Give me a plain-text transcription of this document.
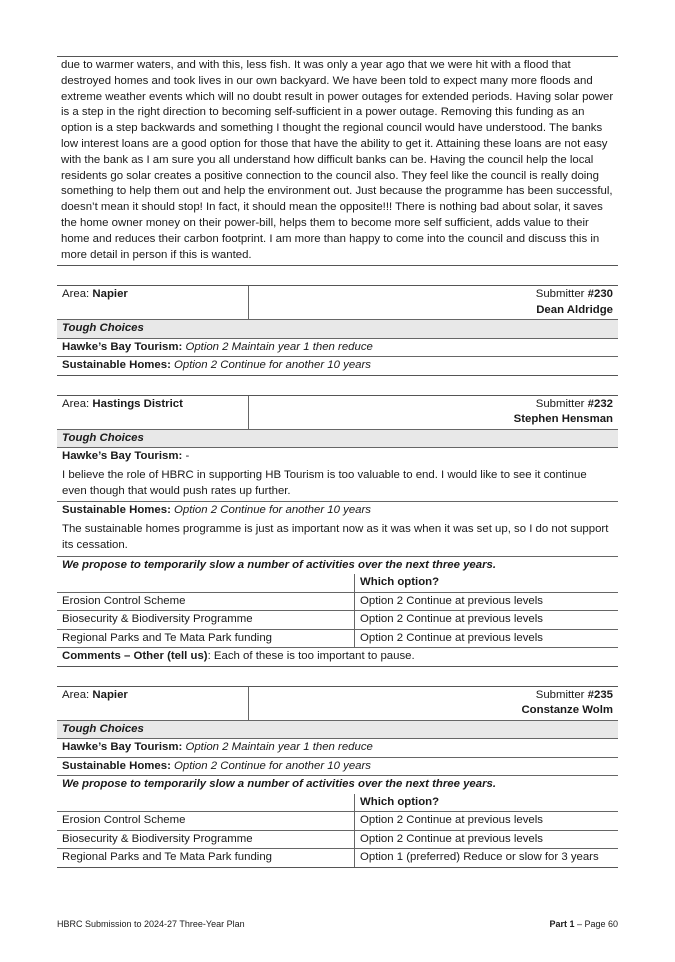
due to warmer waters, and with this, less fish. It was only a year ago that we were hit with a flood that destroyed homes and took lives in our own backyard. We have been told to expect many more floods and extreme weather events which will no doubt result in power outages for extended periods. Having solar power is a step in the right direction to becoming self-sufficient in a power outage. Removing this funding as an option is a step backwards and something I thought the regional council would have understood. The banks low interest loans are a good option for those that have the ability to get it. Attaining these loans are not easy with the bank as I am sure you all understand how difficult banks can be. Having the council help the local residents go solar creates a positive connection to the council also. They feel like the council is really doing something to help them out and help the environment out. Just because the programme has been successful, doesn’t mean it should stop! In fact, it should mean the opposite!!! There is nothing bad about solar, it saves the home owner money on their power-bill, helps them to become more self sufficient, adds value to their home and reduces their carbon footprint. I am more than happy to come into the council and discuss this in more detail in person if this is wanted.
Area: Napier	Submitter #230
Dean Aldridge
Tough Choices
Hawke’s Bay Tourism: Option 2 Maintain year 1 then reduce
Sustainable Homes: Option 2 Continue for another 10 years
Area: Hastings District	Submitter #232
Stephen Hensman
Tough Choices
Hawke’s Bay Tourism: -
I believe the role of HBRC in supporting HB Tourism is too valuable to end. I would like to see it continue even though that would push rates up further.
Sustainable Homes: Option 2 Continue for another 10 years
The sustainable homes programme is just as important now as it was when it was set up, so I do not support its cessation.
We propose to temporarily slow a number of activities over the next three years.
Which option?
Erosion Control Scheme	Option 2 Continue at previous levels
Biosecurity & Biodiversity Programme	Option 2 Continue at previous levels
Regional Parks and Te Mata Park funding	Option 2 Continue at previous levels
Comments – Other (tell us): Each of these is too important to pause.
Area: Napier	Submitter #235
Constanze Wolm
Tough Choices
Hawke’s Bay Tourism: Option 2 Maintain year 1 then reduce
Sustainable Homes: Option 2 Continue for another 10 years
We propose to temporarily slow a number of activities over the next three years.
Which option?
Erosion Control Scheme	Option 2 Continue at previous levels
Biosecurity & Biodiversity Programme	Option 2 Continue at previous levels
Regional Parks and Te Mata Park funding	Option 1 (preferred) Reduce or slow for 3 years
HBRC Submission to 2024-27 Three-Year Plan	Part 1 – Page 60
